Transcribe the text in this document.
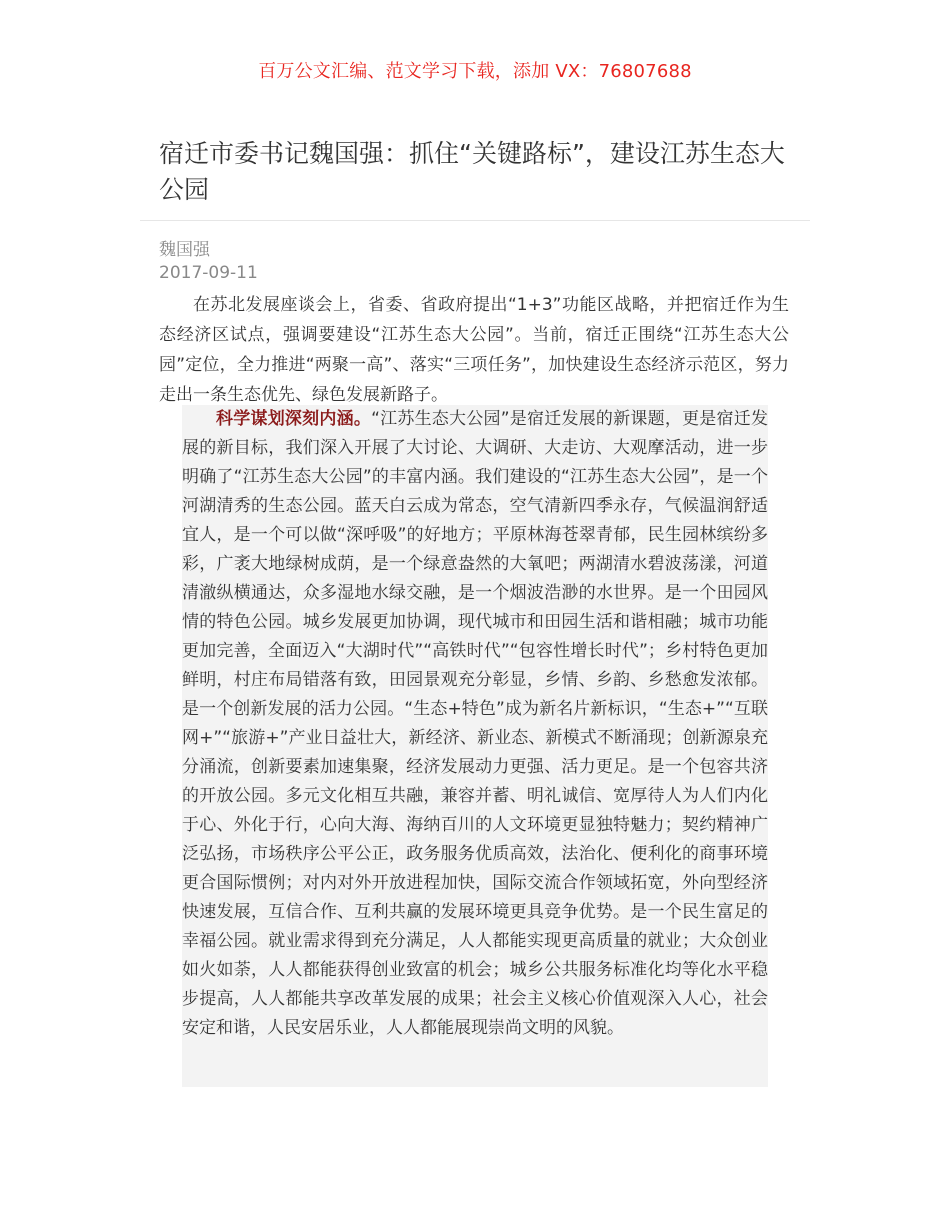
百万公文汇编、范文学习下载，添加 VX：76807688
宿迁市委书记魏国强：抓住“关键路标”，建设江苏生态大公园
魏国强
2017-09-11

在苏北发展座谈会上，省委、省政府提出“1+3”功能区战略，并把宿迁作为生态经济区试点，强调要建设“江苏生态大公园”。当前，宿迁正围绕“江苏生态大公园”定位，全力推进“两聚一高”、落实“三项任务”，加快建设生态经济示范区，努力走出一条生态优先、绿色发展新路子。

科学谋划深刻内涵。“江苏生态大公园”是宿迁发展的新课题，更是宿迁发展的新目标，我们深入开展了大讨论、大调研、大走访、大观摩活动，进一步明确了“江苏生态大公园”的丰富内涵。我们建设的“江苏生态大公园”，是一个河湖清秀的生态公园。蓝天白云成为常态，空气清新四季永存，气候温润舒适宜人，是一个可以做“深呼吸”的好地方；平原林海苍翠青郁，民生园林缤纷多彩，广袤大地绿树成荫，是一个绿意盎然的大氧吧；两湖清水碧波荡漾，河道清澈纵横通达，众多湿地水绿交融，是一个烟波浩渺的水世界。是一个田园风情的特色公园。城乡发展更加协调，现代城市和田园生活和谐相融；城市功能更加完善，全面迈入“大湖时代”“高铁时代”“包容性增长时代”；乡村特色更加鲜明，村庄布局错落有致，田园景观充分彰显，乡情、乡韵、乡愁愈发浓郁。是一个创新发展的活力公园。“生态+特色”成为新名片新标识，“生态+”“互联网+”“旅游+”产业日益壮大，新经济、新业态、新模式不断涌现；创新源泉充分涌流，创新要素加速集聚，经济发展动力更强、活力更足。是一个包容共济的开放公园。多元文化相互共融，兼容并蓄、明礼诚信、宽厚待人为人们内化于心、外化于行，心向大海、海纳百川的人文环境更显独特魅力；契约精神广泛弘扬，市场秩序公平公正，政务服务优质高效，法治化、便利化的商事环境更合国际惯例；对内对外开放进程加快，国际交流合作领域拓宽，外向型经济快速发展，互信合作、互利共赢的发展环境更具竞争优势。是一个民生富足的幸福公园。就业需求得到充分满足，人人都能实现更高质量的就业；大众创业如火如荼，人人都能获得创业致富的机会；城乡公共服务标准化均等化水平稳步提高，人人都能共享改革发展的成果；社会主义核心价值观深入人心，社会安定和谐，人民安居乐业，人人都能展现崇尚文明的风貌。
